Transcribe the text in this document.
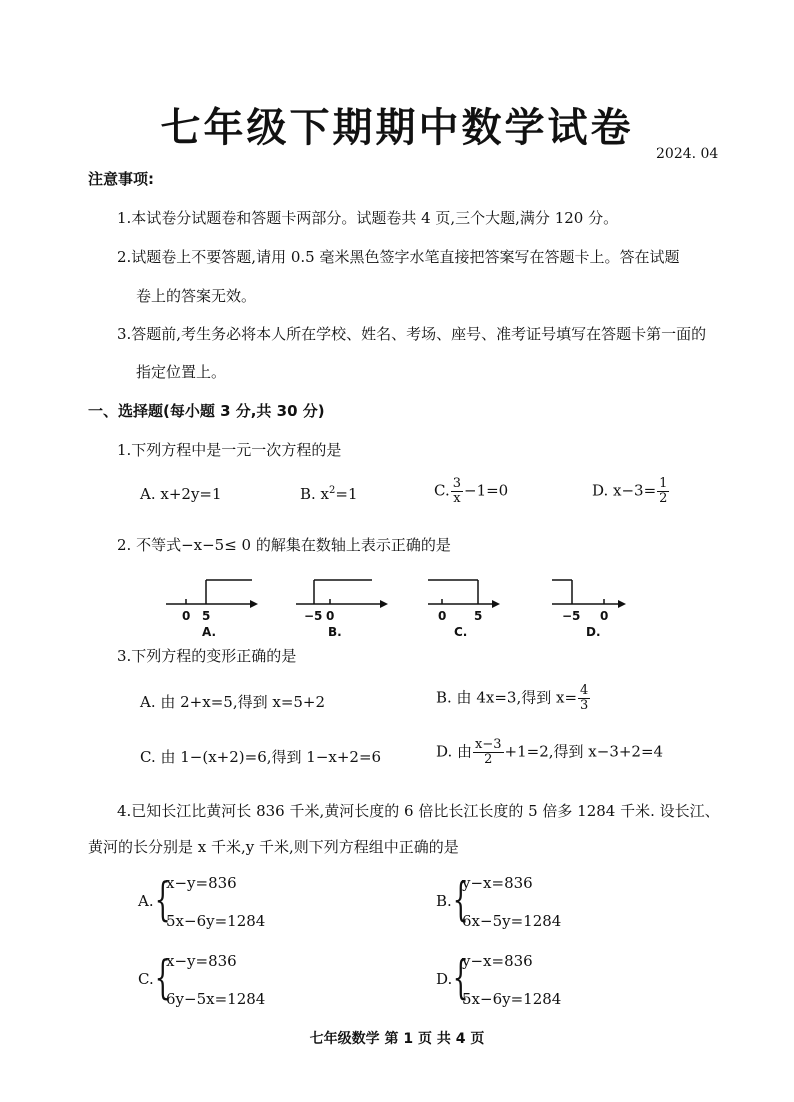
七年级下期期中数学试卷
2024. 04
注意事项:
1.本试卷分试题卷和答题卡两部分。试题卷共 4 页,三个大题,满分 120 分。
2.试题卷上不要答题,请用 0.5 毫米黑色签字水笔直接把答案写在答题卡上。答在试题
卷上的答案无效。
3.答题前,考生务必将本人所在学校、姓名、考场、座号、准考证号填写在答题卡第一面的
指定位置上。
一、选择题(每小题 3 分,共 30 分)
1.下列方程中是一元一次方程的是
A. x+2y=1	B. $x^2=1$	C. $\frac{3}{x} -1=0$	D. $x-3= \frac{1}{2}$
2. 不等式−x−5≤ 0 的解集在数轴上表示正确的是
0 5
A.
−5 0
B.
0 5
C.
−5 0
D.
3.下列方程的变形正确的是
A. 由 2+x=5,得到 x=5+2	B. 由 4x=3,得到 $x= \frac{4}{3}$
C. 由 1−(x+2)=6,得到 1−x+2=6	D. 由 $\frac{x-3}{2} +1=2$,得到 x−3+2=4
4.已知长江比黄河长 836 千米,黄河长度的 6 倍比长江长度的 5 倍多 1284 千米. 设长江、
黄河的长分别是 x 千米,y 千米,则下列方程组中正确的是
A. {
x−y=836
5x−6y=1284
B. {
y−x=836
6x−5y=1284
C. {
x−y=836
6y−5x=1284
D. {
y−x=836
5x−6y=1284
七年级数学 第 1 页 共 4 页
